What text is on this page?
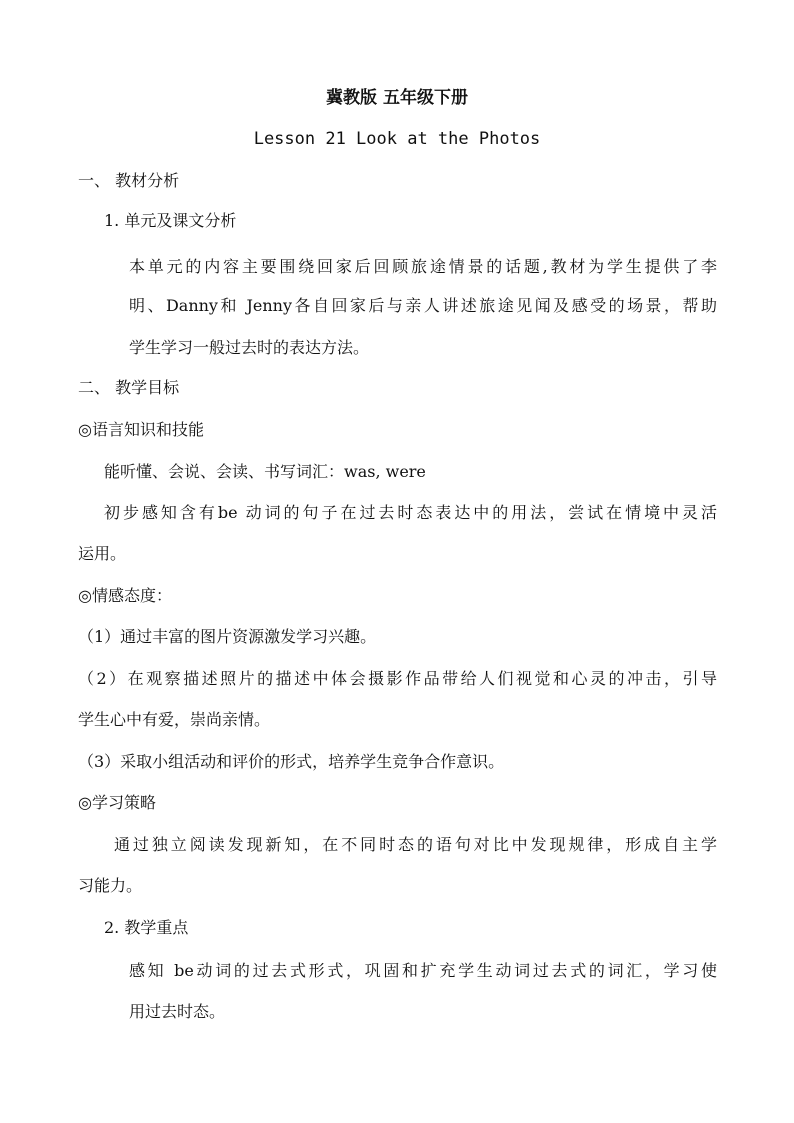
冀教版 五年级下册
Lesson 21 Look at the Photos
一、 教材分析
1. 单元及课文分析
本单元的内容主要围绕回家后回顾旅途情景的话题,教材为学生提供了李
明、Danny和 Jenny各自回家后与亲人讲述旅途见闻及感受的场景，帮助
学生学习一般过去时的表达方法。
二、 教学目标
◎语言知识和技能
能听懂、会说、会读、书写词汇：was, were
初步感知含有be 动词的句子在过去时态表达中的用法，尝试在情境中灵活
运用。
◎情感态度：
（1）通过丰富的图片资源激发学习兴趣。
（2）在观察描述照片的描述中体会摄影作品带给人们视觉和心灵的冲击，引导
学生心中有爱，崇尚亲情。
（3）采取小组活动和评价的形式，培养学生竞争合作意识。
◎学习策略
通过独立阅读发现新知，在不同时态的语句对比中发现规律，形成自主学
习能力。
2. 教学重点
感知 be动词的过去式形式，巩固和扩充学生动词过去式的词汇，学习使
用过去时态。
